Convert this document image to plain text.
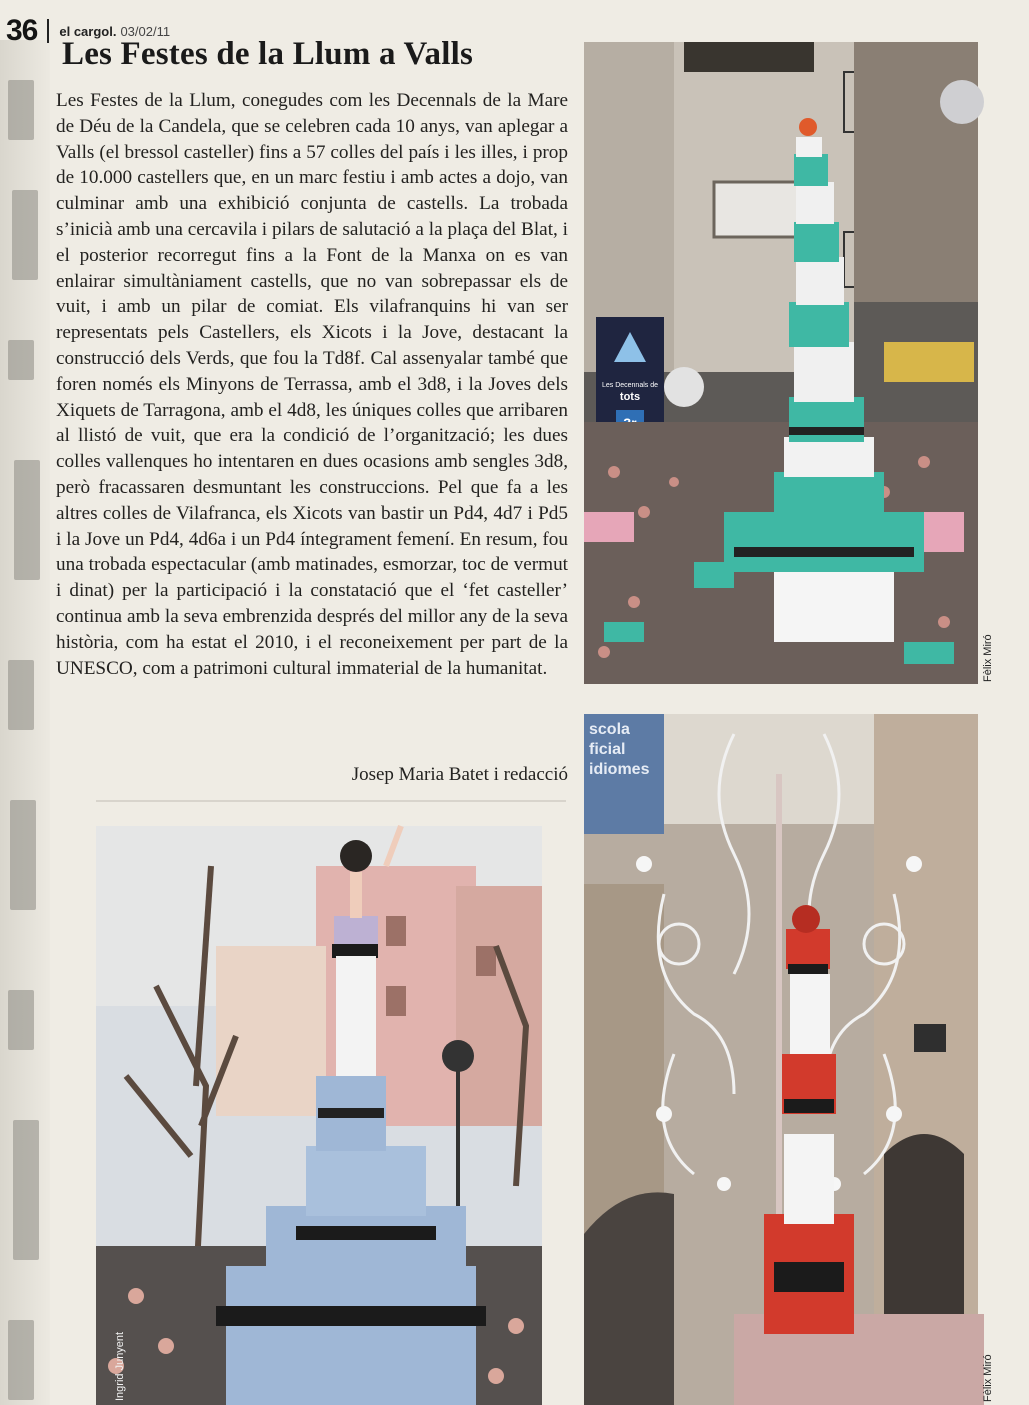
36 el cargol. 03/02/11
Les Festes de la Llum a Valls

Les Festes de la Llum, conegudes com les Decennals de la Mare de Déu de la Candela, que se celebren cada 10 anys, van aplegar a Valls (el bressol casteller) fins a 57 colles del país i les illes, i prop de 10.000 castellers que, en un marc festiu i amb actes a dojo, van culminar amb una exhibició conjunta de castells. La trobada s’inicià amb una cercavila i pilars de salutació a la plaça del Blat, i el posterior recorregut fins a la Font de la Manxa on es van enlairar simultàniament castells, que no van sobrepassar els de vuit, i amb un pilar de comiat. Els vilafranquins hi van ser representats pels Castellers, els Xicots i la Jove, destacant la construcció dels Verds, que fou la Td8f. Cal assenyalar també que foren només els Minyons de Terrassa, amb el 3d8, i la Joves dels Xiquets de Tarragona, amb el 4d8, les úniques colles que arribaren al llistó de vuit, que era la condició de l’organització; les dues colles vallenques ho intentaren en dues ocasions amb sengles 3d8, però fracassaren desmuntant les construccions. Pel que fa a les altres colles de Vilafranca, els Xicots van bastir un Pd4, 4d7 i Pd5 i la Jove un Pd4, 4d6a i un Pd4 íntegrament femení. En resum, fou una trobada espectacular (amb matinades, esmorzar, toc de vermut i dinat) per la participació i la constatació que el ‘fet casteller’ continua amb la seva embrenzida després del millor any de la seva història, com ha estat el 2010, i el reconeixement per part de la UNESCO, com a patrimoni cultural immaterial de la humanitat.

Josep Maria Batet i redacció
Les Decennals de
tots
Fèlix Miró
Ingrid Junyent
scola
ficial
idiomes
Fèlix Miró
